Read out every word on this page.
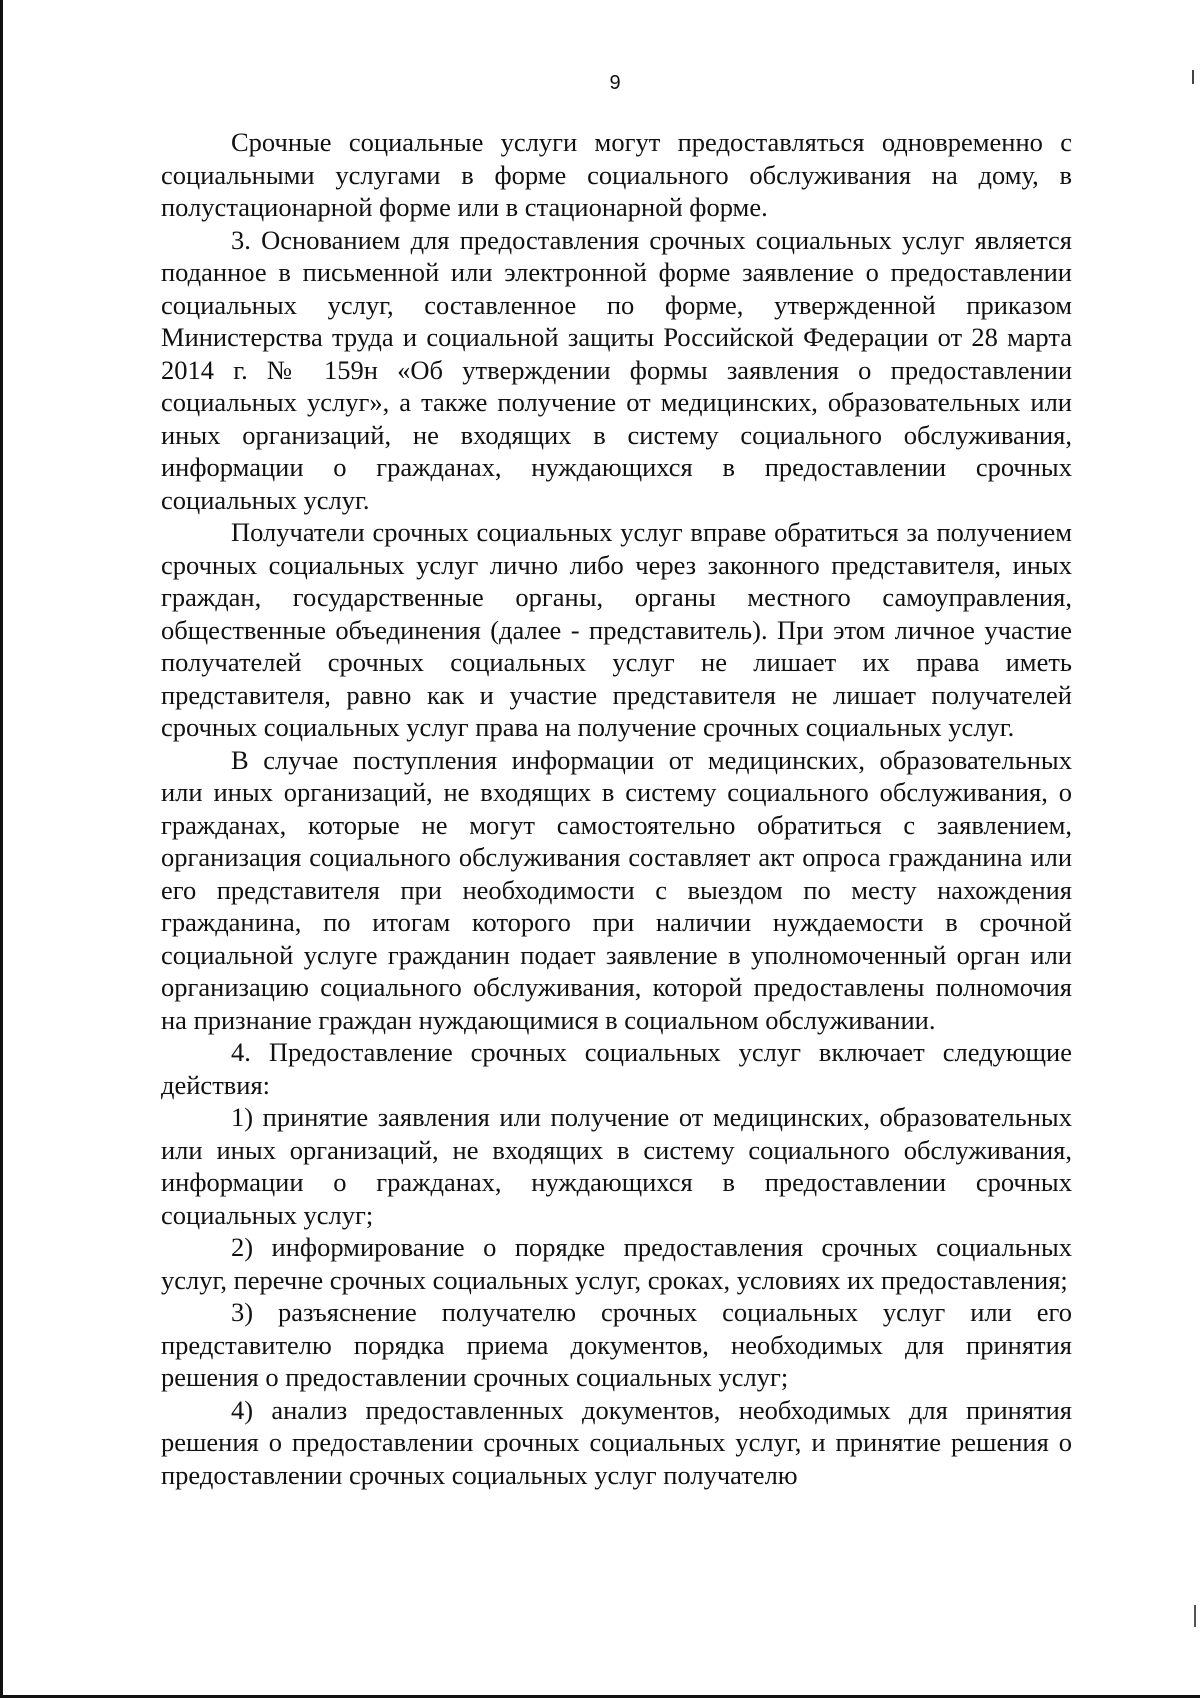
9

Срочные социальные услуги могут предоставляться одновременно с социальными услугами в форме социального обслуживания на дому, в полустационарной форме или в стационарной форме.

3. Основанием для предоставления срочных социальных услуг является поданное в письменной или электронной форме заявление о предоставлении социальных услуг, составленное по форме, утвержденной приказом Министерства труда и социальной защиты Российской Федерации от 28 марта 2014 г. № 159н «Об утверждении формы заявления о предоставлении социальных услуг», а также получение от медицинских, образовательных или иных организаций, не входящих в систему социального обслуживания, информации о гражданах, нуждающихся в предоставлении срочных социальных услуг.

Получатели срочных социальных услуг вправе обратиться за получением срочных социальных услуг лично либо через законного представителя, иных граждан, государственные органы, органы местного самоуправления, общественные объединения (далее - представитель). При этом личное участие получателей срочных социальных услуг не лишает их права иметь представителя, равно как и участие представителя не лишает получателей срочных социальных услуг права на получение срочных социальных услуг.

В случае поступления информации от медицинских, образовательных или иных организаций, не входящих в систему социального обслуживания, о гражданах, которые не могут самостоятельно обратиться с заявлением, организация социального обслуживания составляет акт опроса гражданина или его представителя при необходимости с выездом по месту нахождения гражданина, по итогам которого при наличии нуждаемости в срочной социальной услуге гражданин подает заявление в уполномоченный орган или организацию социального обслуживания, которой предоставлены полномочия на признание граждан нуждающимися в социальном обслуживании.

4. Предоставление срочных социальных услуг включает следующие действия:

1) принятие заявления или получение от медицинских, образовательных или иных организаций, не входящих в систему социального обслуживания, информации о гражданах, нуждающихся в предоставлении срочных социальных услуг;

2) информирование о порядке предоставления срочных социальных услуг, перечне срочных социальных услуг, сроках, условиях их предоставления;

3) разъяснение получателю срочных социальных услуг или его представителю порядка приема документов, необходимых для принятия решения о предоставлении срочных социальных услуг;

4) анализ предоставленных документов, необходимых для принятия решения о предоставлении срочных социальных услуг, и принятие решения о предоставлении срочных социальных услуг получателю
